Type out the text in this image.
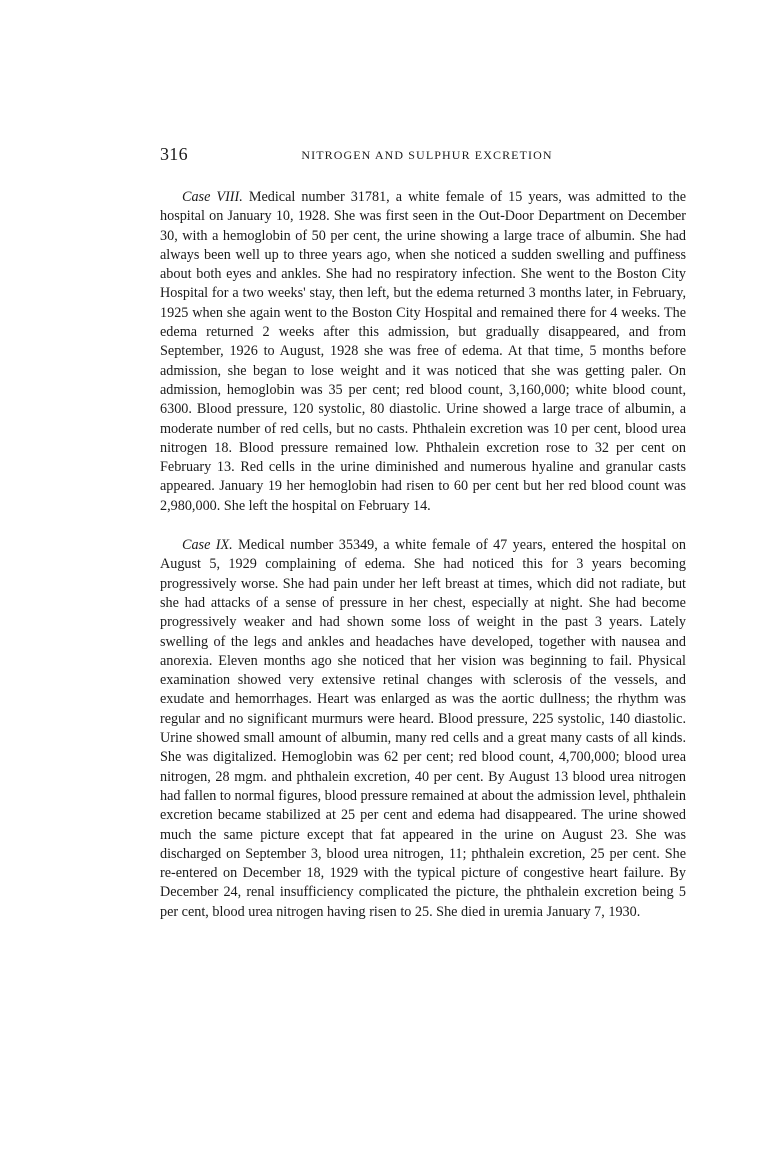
316	NITROGEN AND SULPHUR EXCRETION

Case VIII. Medical number 31781, a white female of 15 years, was admitted to the hospital on January 10, 1928. She was first seen in the Out-Door Department on December 30, with a hemoglobin of 50 per cent, the urine showing a large trace of albumin. She had always been well up to three years ago, when she noticed a sudden swelling and puffiness about both eyes and ankles. She had no respiratory infection. She went to the Boston City Hospital for a two weeks' stay, then left, but the edema returned 3 months later, in February, 1925 when she again went to the Boston City Hospital and remained there for 4 weeks. The edema returned 2 weeks after this admission, but gradually disappeared, and from September, 1926 to August, 1928 she was free of edema. At that time, 5 months before admission, she began to lose weight and it was noticed that she was getting paler. On admission, hemoglobin was 35 per cent; red blood count, 3,160,000; white blood count, 6300. Blood pressure, 120 systolic, 80 diastolic. Urine showed a large trace of albumin, a moderate number of red cells, but no casts. Phthalein excretion was 10 per cent, blood urea nitrogen 18. Blood pressure remained low. Phthalein excretion rose to 32 per cent on February 13. Red cells in the urine diminished and numerous hyaline and granular casts appeared. January 19 her hemoglobin had risen to 60 per cent but her red blood count was 2,980,000. She left the hospital on February 14.

Case IX. Medical number 35349, a white female of 47 years, entered the hospital on August 5, 1929 complaining of edema. She had noticed this for 3 years becoming progressively worse. She had pain under her left breast at times, which did not radiate, but she had attacks of a sense of pressure in her chest, especially at night. She had become progressively weaker and had shown some loss of weight in the past 3 years. Lately swelling of the legs and ankles and headaches have developed, together with nausea and anorexia. Eleven months ago she noticed that her vision was beginning to fail. Physical examination showed very extensive retinal changes with sclerosis of the vessels, and exudate and hemorrhages. Heart was enlarged as was the aortic dullness; the rhythm was regular and no significant murmurs were heard. Blood pressure, 225 systolic, 140 diastolic. Urine showed small amount of albumin, many red cells and a great many casts of all kinds. She was digitalized. Hemoglobin was 62 per cent; red blood count, 4,700,000; blood urea nitrogen, 28 mgm. and phthalein excretion, 40 per cent. By August 13 blood urea nitrogen had fallen to normal figures, blood pressure remained at about the admission level, phthalein excretion became stabilized at 25 per cent and edema had disappeared. The urine showed much the same picture except that fat appeared in the urine on August 23. She was discharged on September 3, blood urea nitrogen, 11; phthalein excretion, 25 per cent. She re-entered on December 18, 1929 with the typical picture of congestive heart failure. By December 24, renal insufficiency complicated the picture, the phthalein excretion being 5 per cent, blood urea nitrogen having risen to 25. She died in uremia January 7, 1930.
